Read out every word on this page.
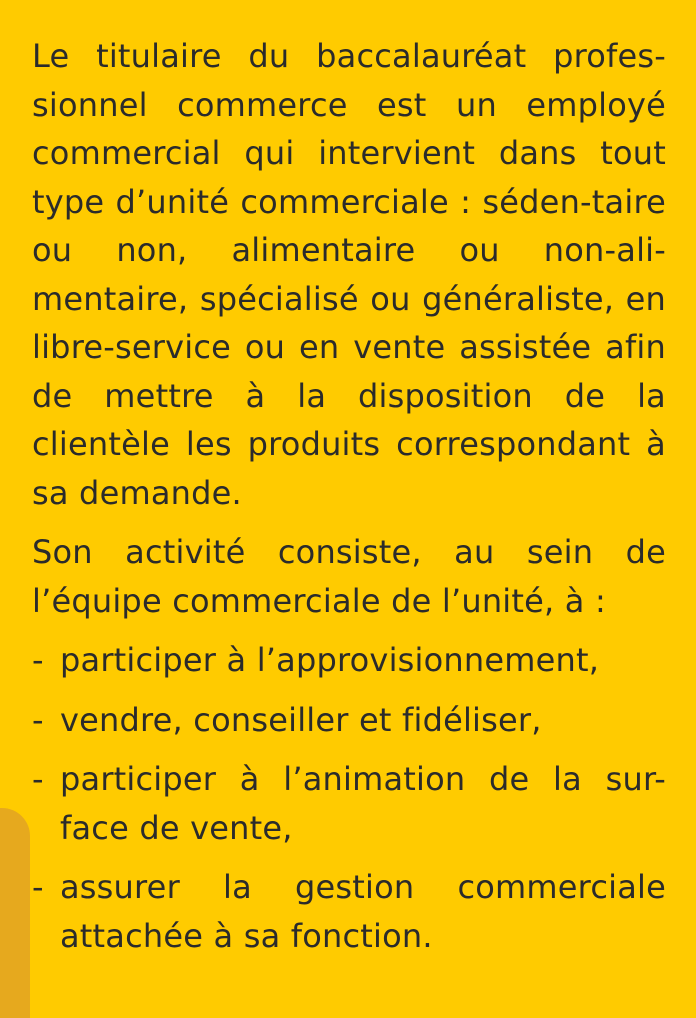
Le titulaire du baccalauréat profes-sionnel commerce est un employé commercial qui intervient dans tout type d’unité commerciale : séden-taire ou non, alimentaire ou non-ali-mentaire, spécialisé ou généraliste, en libre-service ou en vente assistée afin de mettre à la disposition de la clientèle les produits correspondant à sa demande.

Son activité consiste, au sein de l’équipe commerciale de l’unité, à :

- participer à l’approvisionnement,
- vendre, conseiller et fidéliser,
- participer à l’animation de la sur-face de vente,
- assurer la gestion commerciale attachée à sa fonction.
